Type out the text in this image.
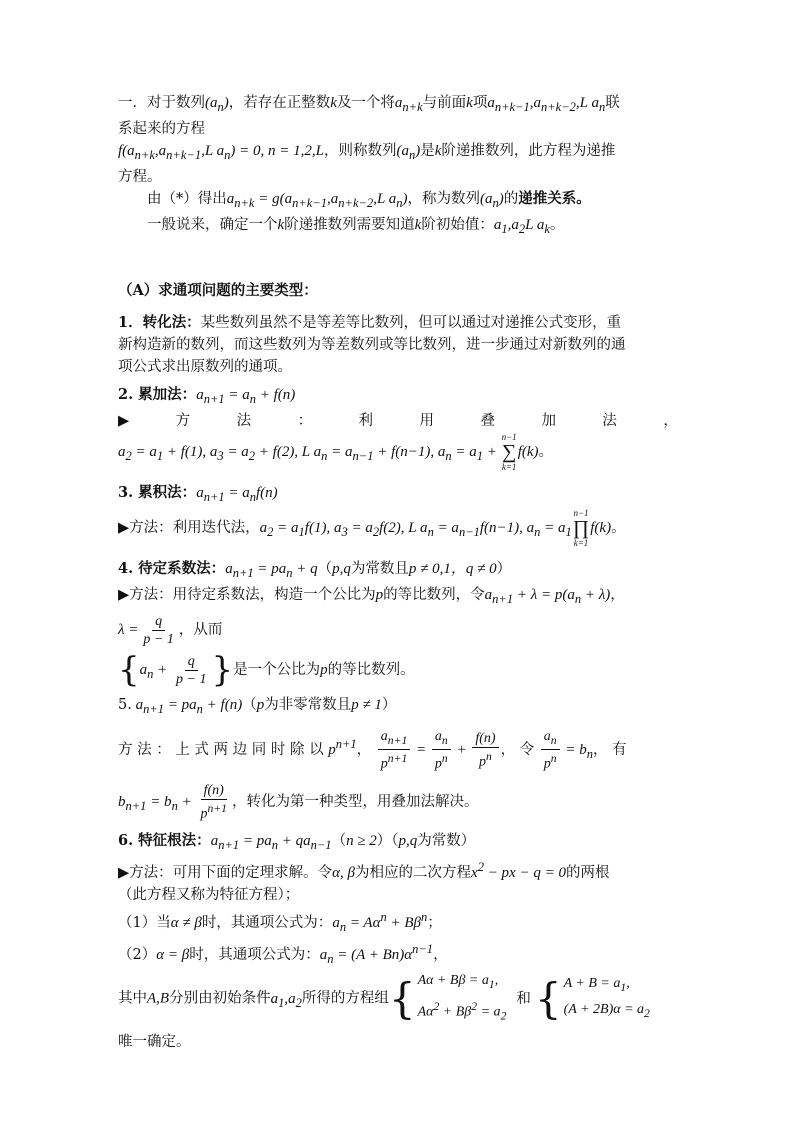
一．对于数列$(a_n)$，若存在正整数k及一个将$a_{n+k}$与前面k项$a_{n+k-1},a_{n+k-2},L$ $a_n$联
系起来的方程
$f(a_{n+k},a_{n+k-1},L$ $a_n) = 0$, n = 1,2,L，则称数列$(a_n)$是k阶递推数列，此方程为递推
方程。
由（*）得出$a_{n+k} = g(a_{n+k-1},a_{n+k-2},L$ $a_n$)，称为数列$(a_n)$的递推关系。
一般说来，确定一个k阶递推数列需要知道k阶初始值：$a_1,a_2L$ $a_k$。
（A）求通项问题的主要类型：
1．转化法：某些数列虽然不是等差等比数列，但可以通过对递推公式变形，重
新构造新的数列，而这些数列为等差数列或等比数列，进一步通过对新数列的通
项公式求出原数列的通项。
2. 累加法：$a_{n+1} = a_n + f(n)$
▶	方	法	：	利	用	叠	加	法	，
$a_2 = a_1 + f(1)$, $a_3 = a_2 + f(2)$, L $a_n = a_{n-1} + f(n-1)$, $a_n = a_1$ +
n−1
∑
k=1
f(k)。
3. 累积法：$a_{n+1} = a_nf(n)$
▶方法：利用迭代法，$a_2 = a_1f(1)$, $a_3 = a_2f(2)$, L $a_n = a_{n-1}f(n-1)$, $a_n = a_1$
n−1
∏
k=1
f(k)。
4. 待定系数法：$a_{n+1} = pa_n + q(p,q$为常数且p ≠ 0,1，q ≠ 0）
▶方法：用待定系数法，构造一个公比为p的等比数列，令$a_{n+1} + \lambda = p(a_n + \lambda)$，
$\lambda = \frac{q}{p - 1}$ ，从而
{ $a_n + \frac{q}{p - 1}$ } 是一个公比为p的等比数列。
5. $a_{n+1} = pa_n + f(n)(p$为非零常数且p ≠ 1）
方 法 ： 上 式 两 边 同 时 除 以 $p^{n+1}$， $\frac{a_{n+1}}{p^{n+1}} = \frac{a_n}{p^n} + \frac{f(n)}{p^n}$ ， 令 $\frac{a_n}{p^n} = b_n$， 有
$b_{n+1} = b_n + \frac{f(n)}{p^{n+1}}$ ，转化为第一种类型，用叠加法解决。
6. 特征根法：$a_{n+1} = pa_n + qa_{n-1}(n \ge 2)(p,q$为常数）
▶方法：可用下面的定理求解。令α, β为相应的二次方程$x^2$ − px − q = 0的两根
（此方程又称为特征方程）；
（1）当α ≠ β时，其通项公式为：$a_n = A\alpha^n + B\beta^n$；
（2）α = β时，其通项公式为：$a_n = (A + Bn)\alpha^{n-1}$，
其中A,B分别由初始条件$a_1,a_2$所得的方程组 { $A\alpha + B\beta = a_1$,
$A\alpha^2 + B\beta^2 = a_2$
和 { $A + B = a_1$,
$(A + 2B)\alpha = a_2$
唯一确定。
